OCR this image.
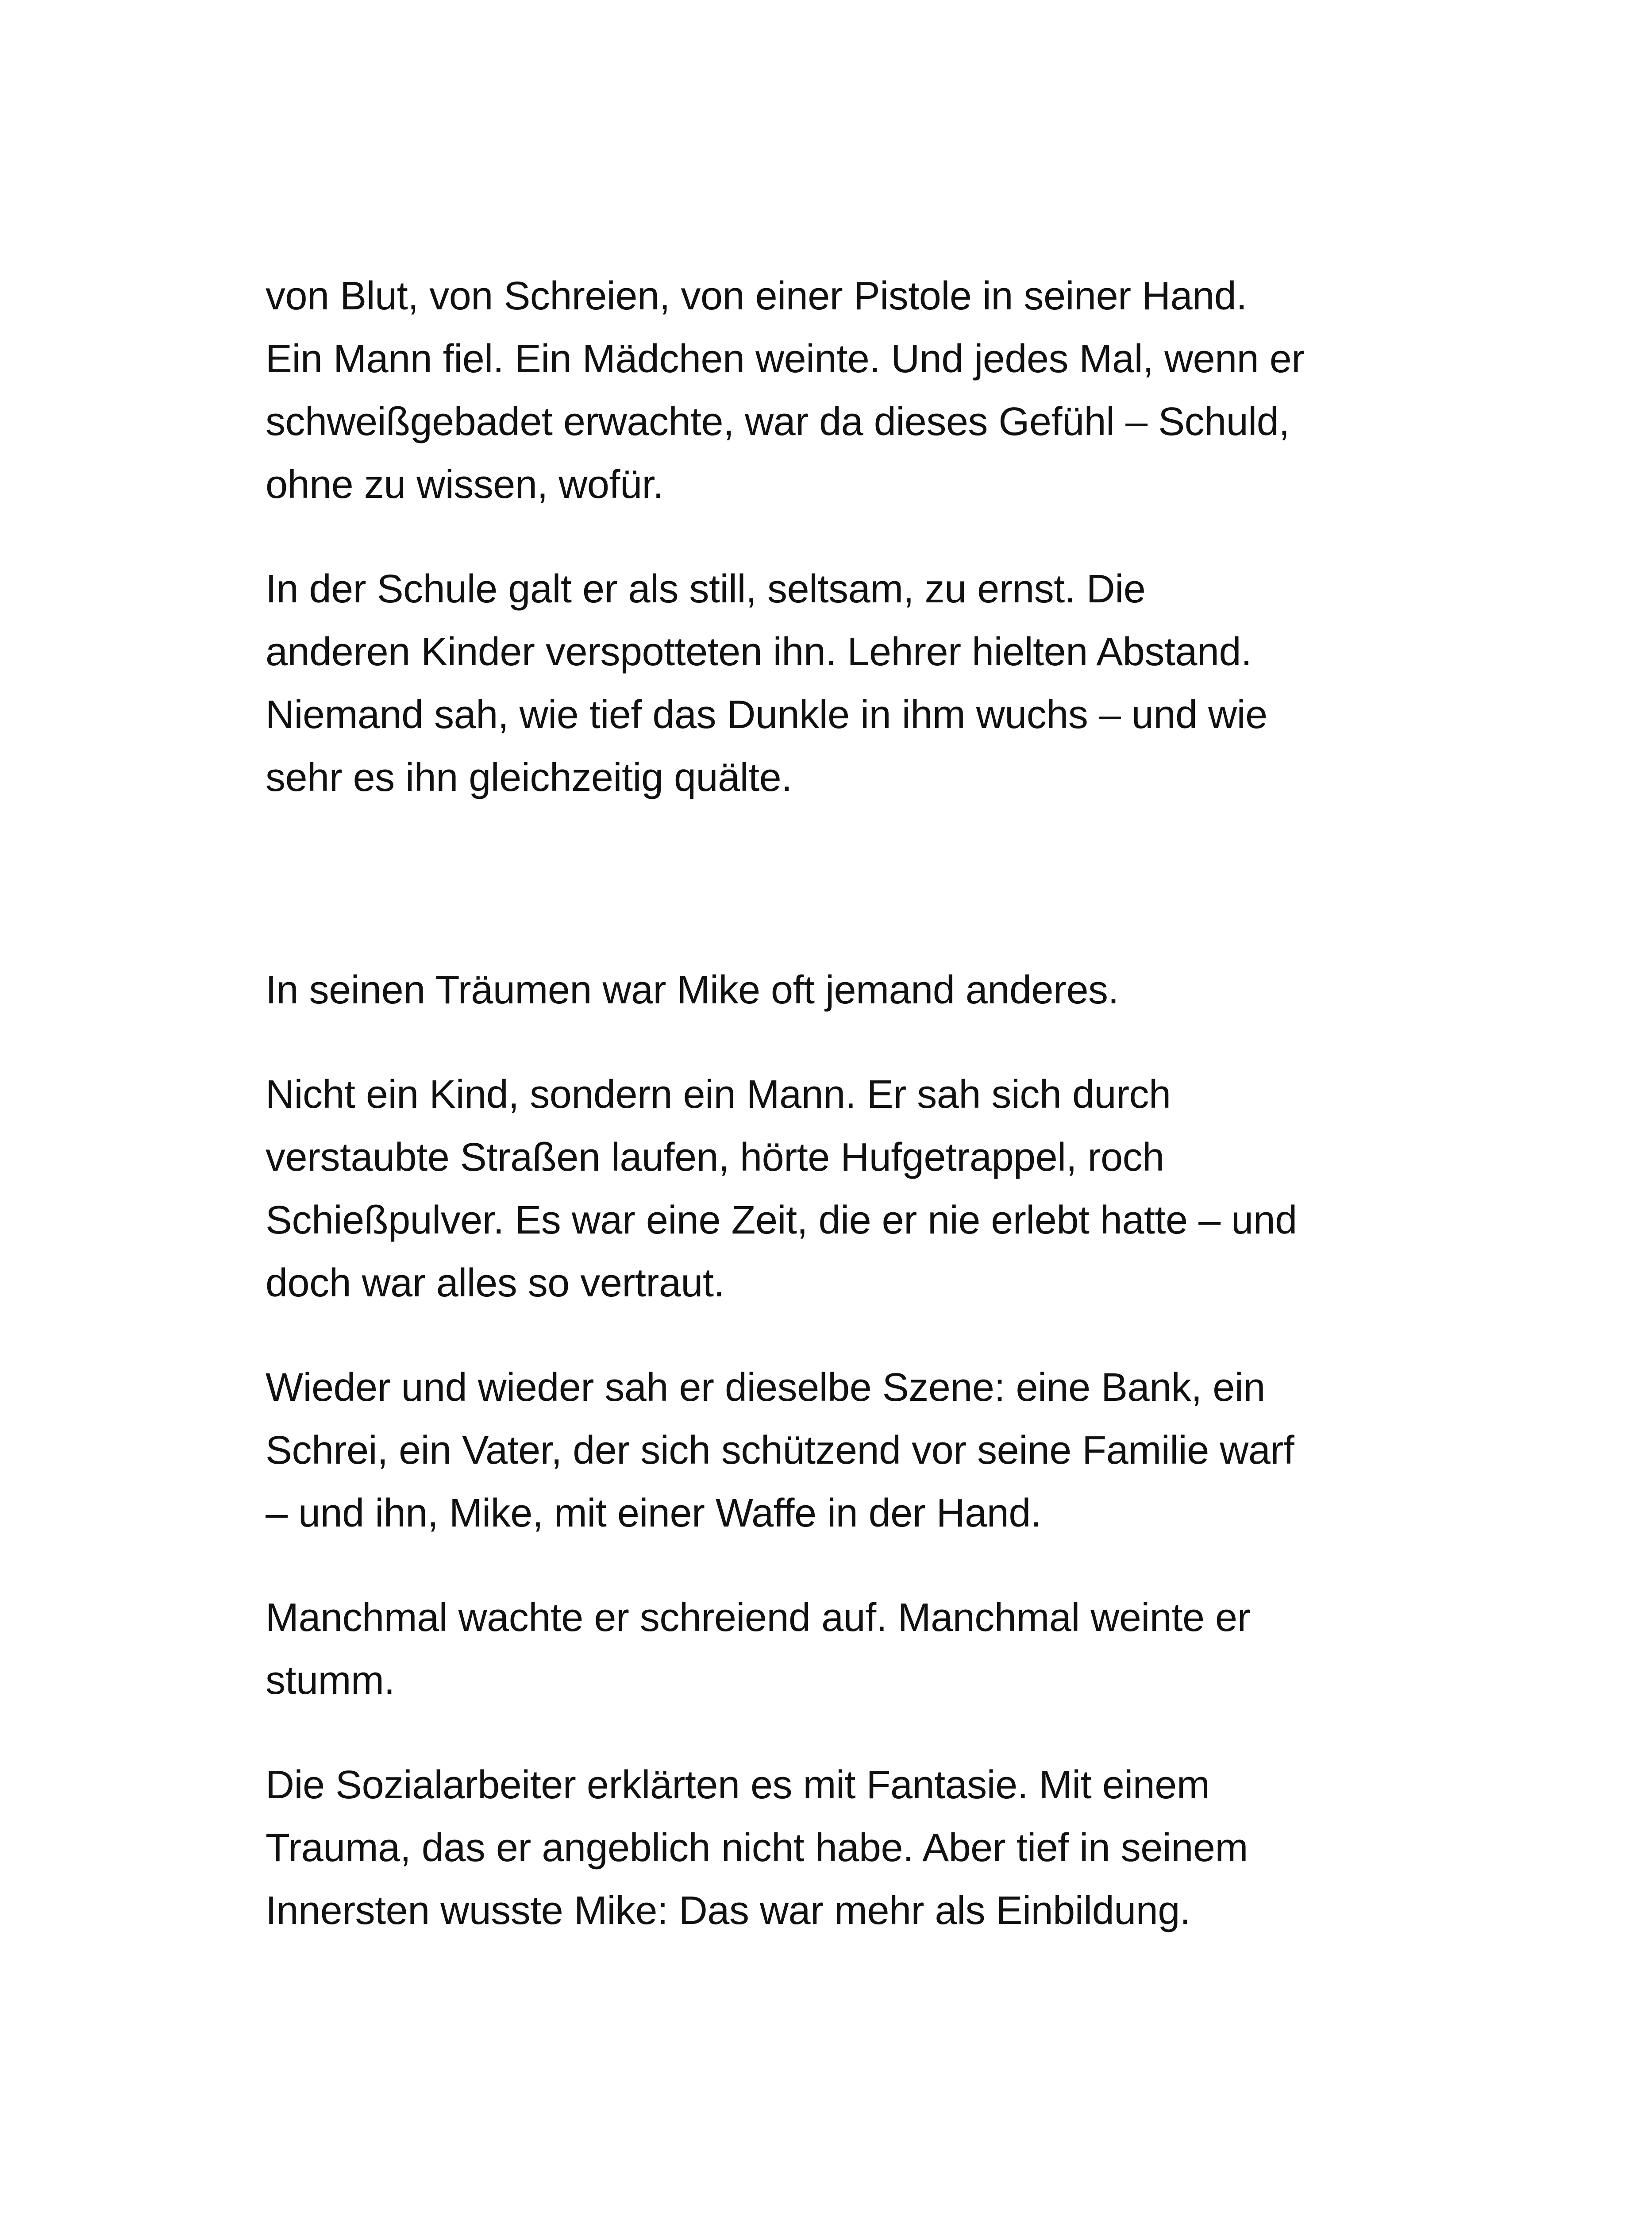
von Blut, von Schreien, von einer Pistole in seiner Hand.
Ein Mann fiel. Ein Mädchen weinte. Und jedes Mal, wenn er
schweißgebadet erwachte, war da dieses Gefühl – Schuld,
ohne zu wissen, wofür.

In der Schule galt er als still, seltsam, zu ernst. Die
anderen Kinder verspotteten ihn. Lehrer hielten Abstand.
Niemand sah, wie tief das Dunkle in ihm wuchs – und wie
sehr es ihn gleichzeitig quälte.

In seinen Träumen war Mike oft jemand anderes.

Nicht ein Kind, sondern ein Mann. Er sah sich durch
verstaubte Straßen laufen, hörte Hufgetrappel, roch
Schießpulver. Es war eine Zeit, die er nie erlebt hatte – und
doch war alles so vertraut.

Wieder und wieder sah er dieselbe Szene: eine Bank, ein
Schrei, ein Vater, der sich schützend vor seine Familie warf
– und ihn, Mike, mit einer Waffe in der Hand.

Manchmal wachte er schreiend auf. Manchmal weinte er
stumm.

Die Sozialarbeiter erklärten es mit Fantasie. Mit einem
Trauma, das er angeblich nicht habe. Aber tief in seinem
Innersten wusste Mike: Das war mehr als Einbildung.
